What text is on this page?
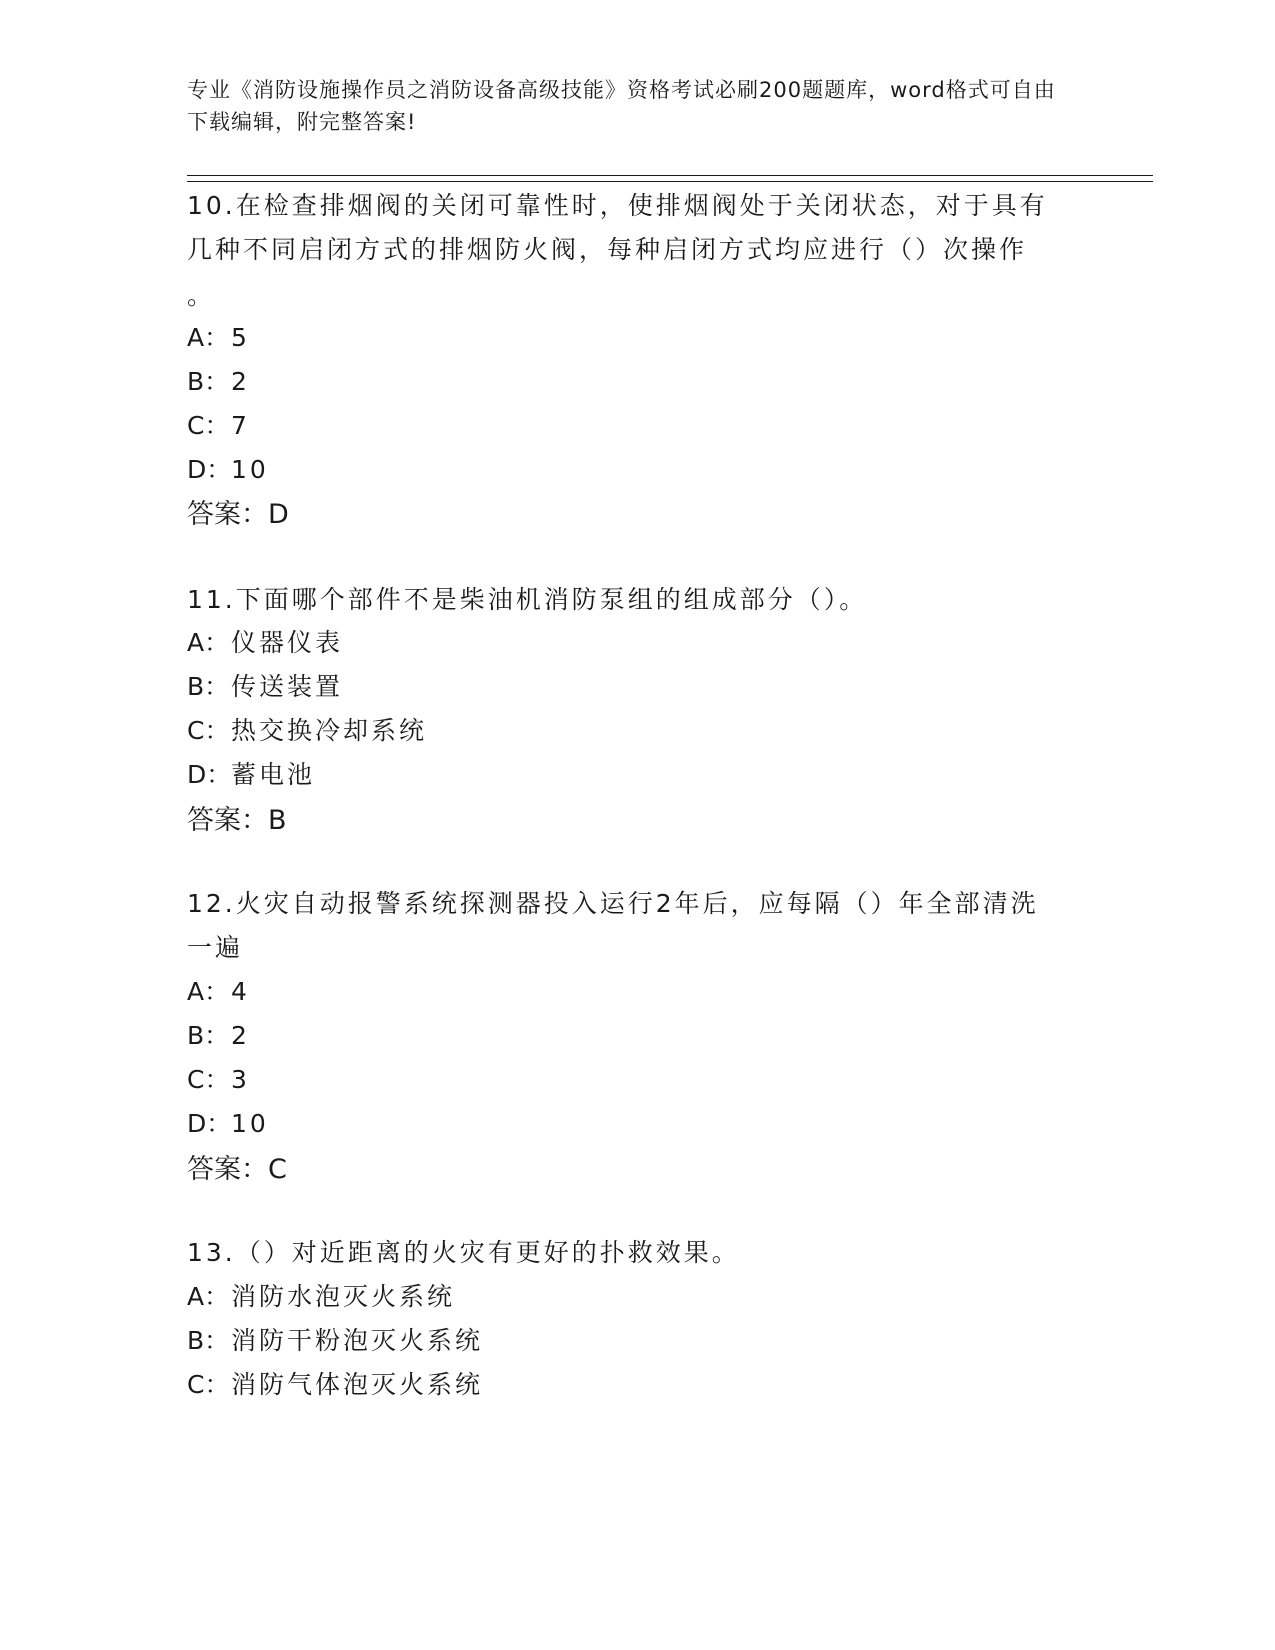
专业《消防设施操作员之消防设备高级技能》资格考试必刷200题题库，word格式可自由下载编辑，附完整答案!
10.在检查排烟阀的关闭可靠性时，使排烟阀处于关闭状态，对于具有
几种不同启闭方式的排烟防火阀，每种启闭方式均应进行（）次操作
。
A：5
B：2
C：7
D：10
答案：D
11.下面哪个部件不是柴油机消防泵组的组成部分（）。
A：仪器仪表
B：传送装置
C：热交换冷却系统
D：蓄电池
答案：B
12.火灾自动报警系统探测器投入运行2年后，应每隔（）年全部清洗
一遍
A：4
B：2
C：3
D：10
答案：C
13.（）对近距离的火灾有更好的扑救效果。
A：消防水泡灭火系统
B：消防干粉泡灭火系统
C：消防气体泡灭火系统
